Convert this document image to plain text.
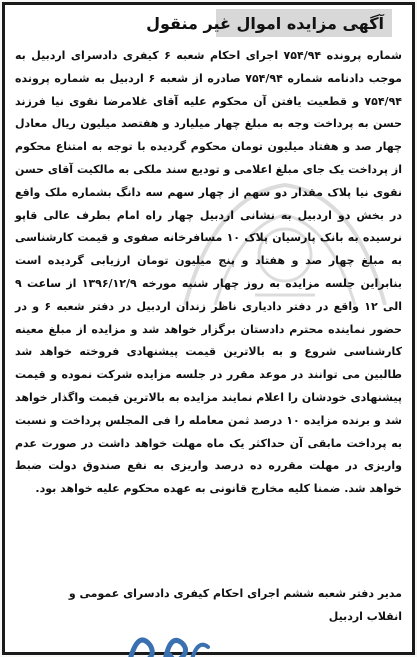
آگهی مزایده اموال غیر منقول

شماره پرونده ۷۵۴/۹۴ اجرای احکام شعبه ۶ کیفری دادسرای اردبیل به موجب دادنامه شماره ۷۵۴/۹۴ صادره از شعبه ۶ اردبیل به شماره پرونده ۷۵۴/۹۴ و قطعیت یافتن آن محکوم علیه آقای غلامرضا نقوی نیا فرزند حسن به پرداخت وجه به مبلغ چهار میلیارد و هفتصد میلیون ریال معادل چهار صد و هفتاد میلیون تومان محکوم گردیده با توجه به امتناع محکوم از پرداخت یک جای مبلغ اعلامی و تودیع سند ملکی به مالکیت آقای حسن نقوی نیا پلاک مقدار دو سهم از چهار سهم سه دانگ بشماره ملک واقع در بخش دو اردبیل به نشانی اردبیل چهار راه امام بطرف عالی قاپو نرسیده به بانک پارسیان پلاک ۱۰ مسافرخانه صفوی و قیمت کارشناسی به مبلغ چهار صد و هفتاد و پنج میلیون تومان ارزیابی گردیده است بنابراین جلسه مزایده به روز چهار شنبه مورخه ۱۳۹۶/۱۲/۹ از ساعت ۹ الی ۱۲ واقع در دفتر دادیاری ناظر زندان اردبیل در دفتر شعبه ۶ و در حضور نماینده محترم دادستان برگزار خواهد شد و مزایده از مبلغ معینه کارشناسی شروع و به بالاترین قیمت پیشنهادی فروخته خواهد شد طالبین می توانند در موعد مقرر در جلسه مزایده شرکت نموده و قیمت پیشنهادی خودشان را اعلام نمایند مزایده به بالاترین قیمت واگذار خواهد شد و برنده مزایده ۱۰ درصد ثمن معامله را فی المجلس پرداخت و نسبت به پرداخت مابقی آن حداکثر یک ماه مهلت خواهد داشت در صورت عدم واریزی در مهلت مقرره ده درصد واریزی به نفع صندوق دولت ضبط خواهد شد. ضمنا کلیه مخارج قانونی به عهده محکوم علیه خواهد بود.

مدیر دفتر شعبه ششم اجرای احکام کیفری دادسرای عمومی و انقلاب اردبیل
